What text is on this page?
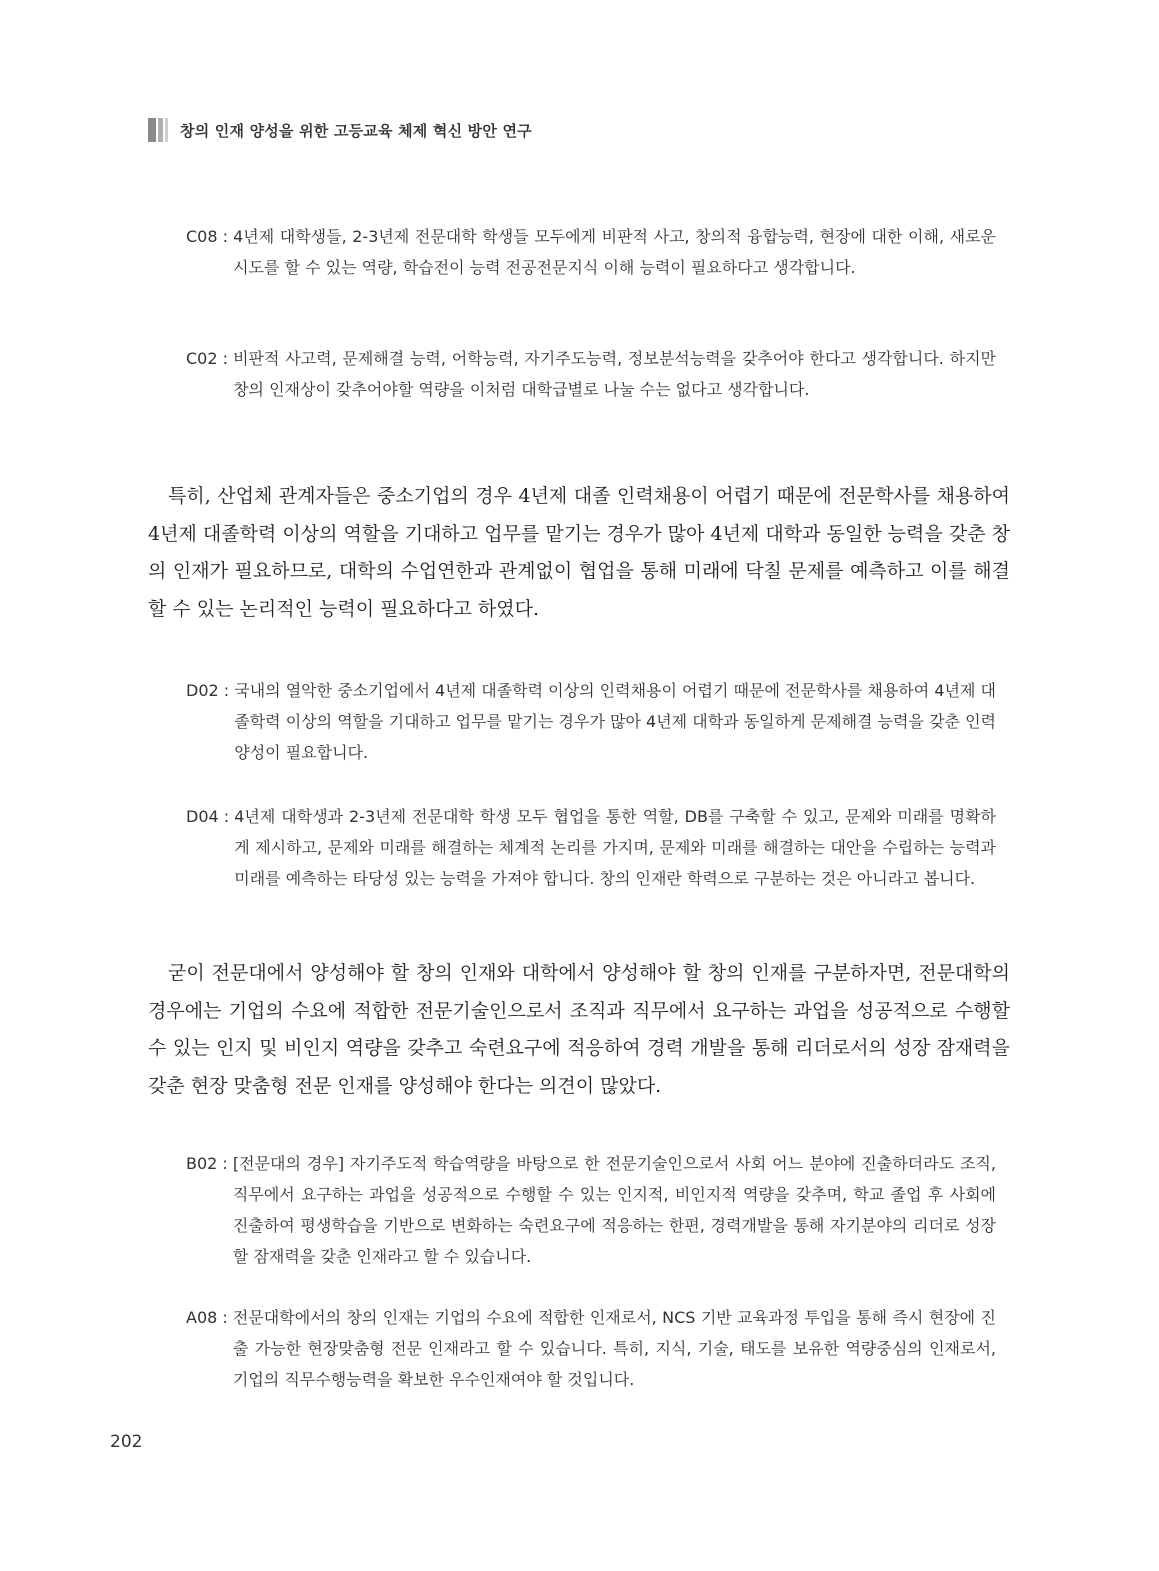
창의 인재 양성을 위한 고등교육 체제 혁신 방안 연구
C08 : 4년제 대학생들, 2-3년제 전문대학 학생들 모두에게 비판적 사고, 창의적 융합능력, 현장에 대한 이해, 새로운 시도를 할 수 있는 역량, 학습전이 능력 전공전문지식 이해 능력이 필요하다고 생각합니다.
C02 : 비판적 사고력, 문제해결 능력, 어학능력, 자기주도능력, 정보분석능력을 갖추어야 한다고 생각합니다. 하지만 창의 인재상이 갖추어야할 역량을 이처럼 대학급별로 나눌 수는 없다고 생각합니다.

특히, 산업체 관계자들은 중소기업의 경우 4년제 대졸 인력채용이 어렵기 때문에 전문학사를 채용하여 4년제 대졸학력 이상의 역할을 기대하고 업무를 맡기는 경우가 많아 4년제 대학과 동일한 능력을 갖춘 창의 인재가 필요하므로, 대학의 수업연한과 관계없이 협업을 통해 미래에 닥칠 문제를 예측하고 이를 해결할 수 있는 논리적인 능력이 필요하다고 하였다.

D02 : 국내의 열악한 중소기업에서 4년제 대졸학력 이상의 인력채용이 어렵기 때문에 전문학사를 채용하여 4년제 대졸학력 이상의 역할을 기대하고 업무를 맡기는 경우가 많아 4년제 대학과 동일하게 문제해결 능력을 갖춘 인력양성이 필요합니다.
D04 : 4년제 대학생과 2-3년제 전문대학 학생 모두 협업을 통한 역할, DB를 구축할 수 있고, 문제와 미래를 명확하게 제시하고, 문제와 미래를 해결하는 체계적 논리를 가지며, 문제와 미래를 해결하는 대안을 수립하는 능력과 미래를 예측하는 타당성 있는 능력을 가져야 합니다. 창의 인재란 학력으로 구분하는 것은 아니라고 봅니다.

굳이 전문대에서 양성해야 할 창의 인재와 대학에서 양성해야 할 창의 인재를 구분하자면, 전문대학의 경우에는 기업의 수요에 적합한 전문기술인으로서 조직과 직무에서 요구하는 과업을 성공적으로 수행할 수 있는 인지 및 비인지 역량을 갖추고 숙련요구에 적응하여 경력 개발을 통해 리더로서의 성장 잠재력을 갖춘 현장 맞춤형 전문 인재를 양성해야 한다는 의견이 많았다.

B02 : [전문대의 경우] 자기주도적 학습역량을 바탕으로 한 전문기술인으로서 사회 어느 분야에 진출하더라도 조직, 직무에서 요구하는 과업을 성공적으로 수행할 수 있는 인지적, 비인지적 역량을 갖추며, 학교 졸업 후 사회에 진출하여 평생학습을 기반으로 변화하는 숙련요구에 적응하는 한편, 경력개발을 통해 자기분야의 리더로 성장할 잠재력을 갖춘 인재라고 할 수 있습니다.
A08 : 전문대학에서의 창의 인재는 기업의 수요에 적합한 인재로서, NCS 기반 교육과정 투입을 통해 즉시 현장에 진출 가능한 현장맞춤형 전문 인재라고 할 수 있습니다. 특히, 지식, 기술, 태도를 보유한 역량중심의 인재로서, 기업의 직무수행능력을 확보한 우수인재여야 할 것입니다.
202
